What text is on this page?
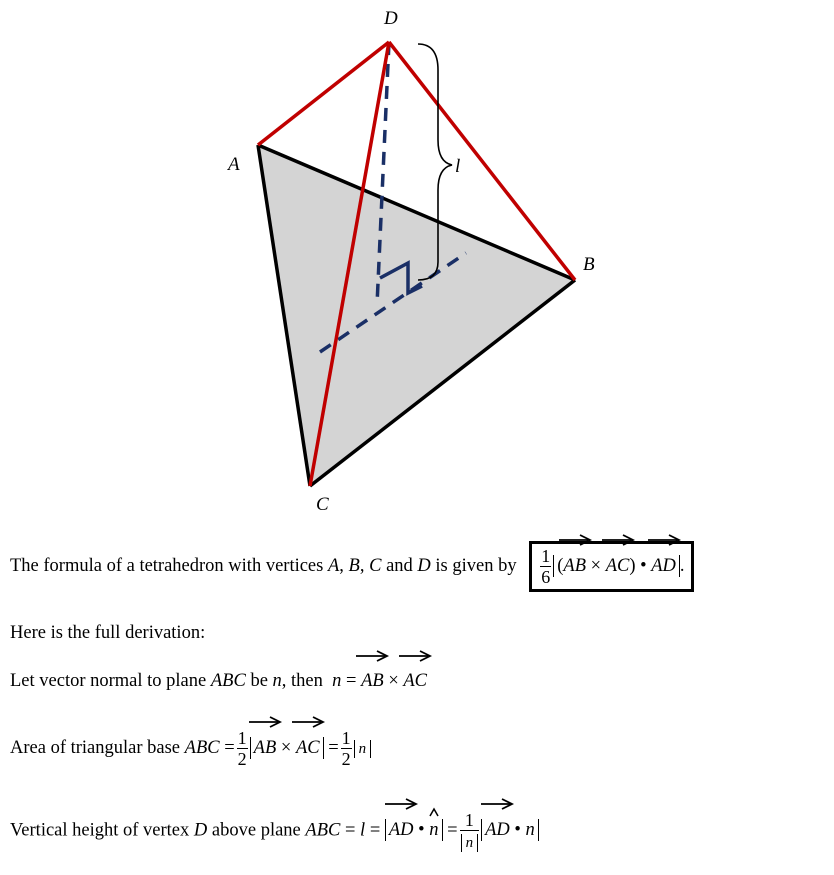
D
A
B
C
l
The formula of a tetrahedron with vertices A, B, C and D is given by $\frac{1}{6}$ (
AB × AC) • AD .
Here is the full derivation:
Let vector normal to plane ABC be n, then n = AB × AC
Area of triangular base ABC = $\frac{1}{2}$ AB × AC = $\frac{1}{2}$ n
Vertical height of vertex D above plane ABC = l = AD • $n = \frac{1}{n}$ AD • n
